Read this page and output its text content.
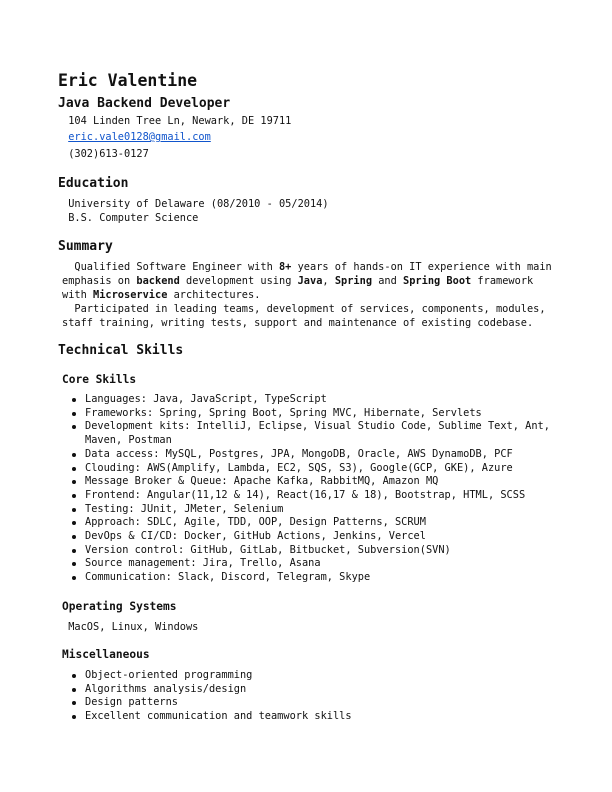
Eric Valentine
Java Backend Developer
104 Linden Tree Ln, Newark, DE 19711
eric.vale0128@gmail.com
(302)613-0127
Education
University of Delaware (08/2010 - 05/2014)
B.S. Computer Science
Summary
Qualified Software Engineer with 8+ years of hands-on IT experience with main emphasis on backend development using Java, Spring and Spring Boot framework with Microservice architectures.
Participated in leading teams, development of services, components, modules, staff training, writing tests, support and maintenance of existing codebase.
Technical Skills
Core Skills
Languages: Java, JavaScript, TypeScript
Frameworks: Spring, Spring Boot, Spring MVC, Hibernate, Servlets
Development kits: IntelliJ, Eclipse, Visual Studio Code, Sublime Text, Ant, Maven, Postman
Data access: MySQL, Postgres, JPA, MongoDB, Oracle, AWS DynamoDB, PCF
Clouding: AWS(Amplify, Lambda, EC2, SQS, S3), Google(GCP, GKE), Azure
Message Broker & Queue: Apache Kafka, RabbitMQ, Amazon MQ
Frontend: Angular(11,12 & 14), React(16,17 & 18), Bootstrap, HTML, SCSS
Testing: JUnit, JMeter, Selenium
Approach: SDLC, Agile, TDD, OOP, Design Patterns, SCRUM
DevOps & CI/CD: Docker, GitHub Actions, Jenkins, Vercel
Version control: GitHub, GitLab, Bitbucket, Subversion(SVN)
Source management: Jira, Trello, Asana
Communication: Slack, Discord, Telegram, Skype
Operating Systems
MacOS, Linux, Windows
Miscellaneous
Object-oriented programming
Algorithms analysis/design
Design patterns
Excellent communication and teamwork skills
